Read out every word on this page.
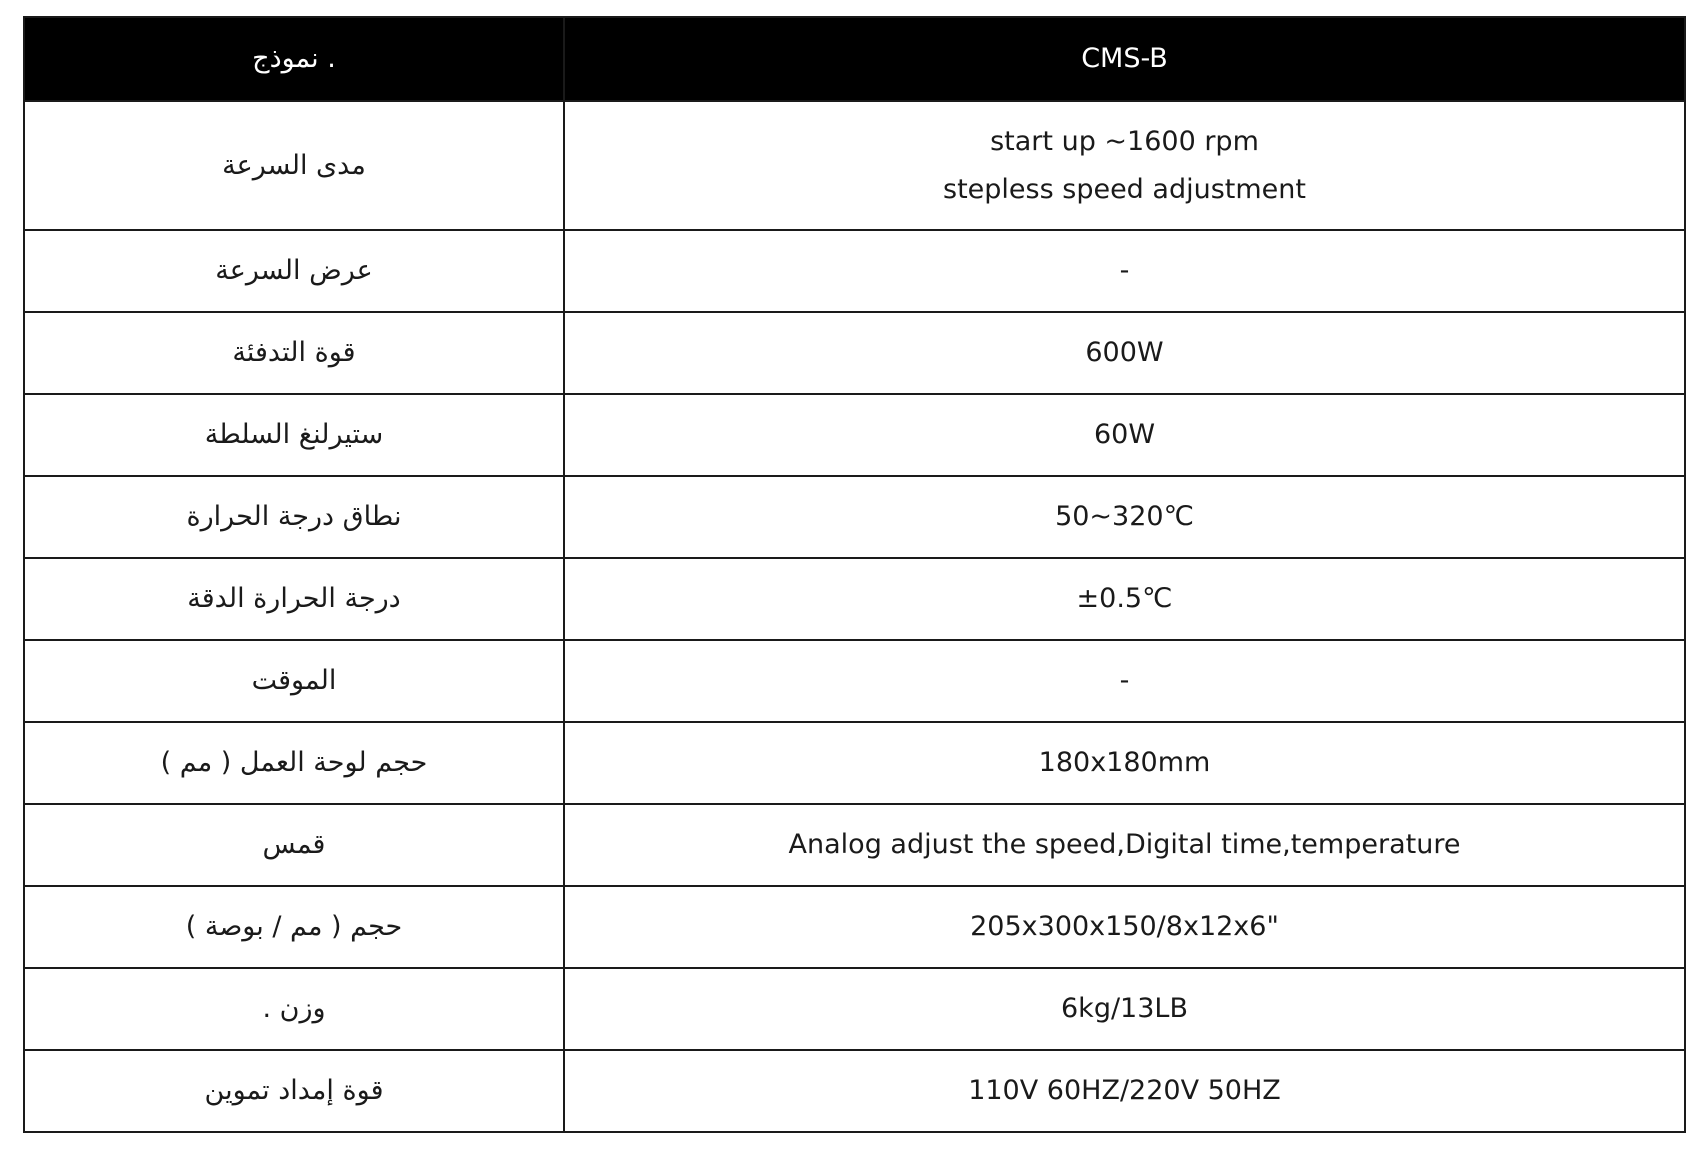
نموذج .	CMS-B
مدى السرعة	start up ~1600 rpm
stepless speed adjustment

عرض السرعة	-

قوة التدفئة	600W

ستيرلنغ السلطة	60W

نطاق درجة الحرارة	50~320℃

درجة الحرارة الدقة	±0.5℃

الموقت	-

حجم لوحة العمل ( مم )	180x180mm

قمس	Analog adjust the speed,Digital time,temperature

حجم ( مم / بوصة )	205x300x150/8x12x6"

وزن .	6kg/13LB

قوة إمداد تموين	110V 60HZ/220V 50HZ
